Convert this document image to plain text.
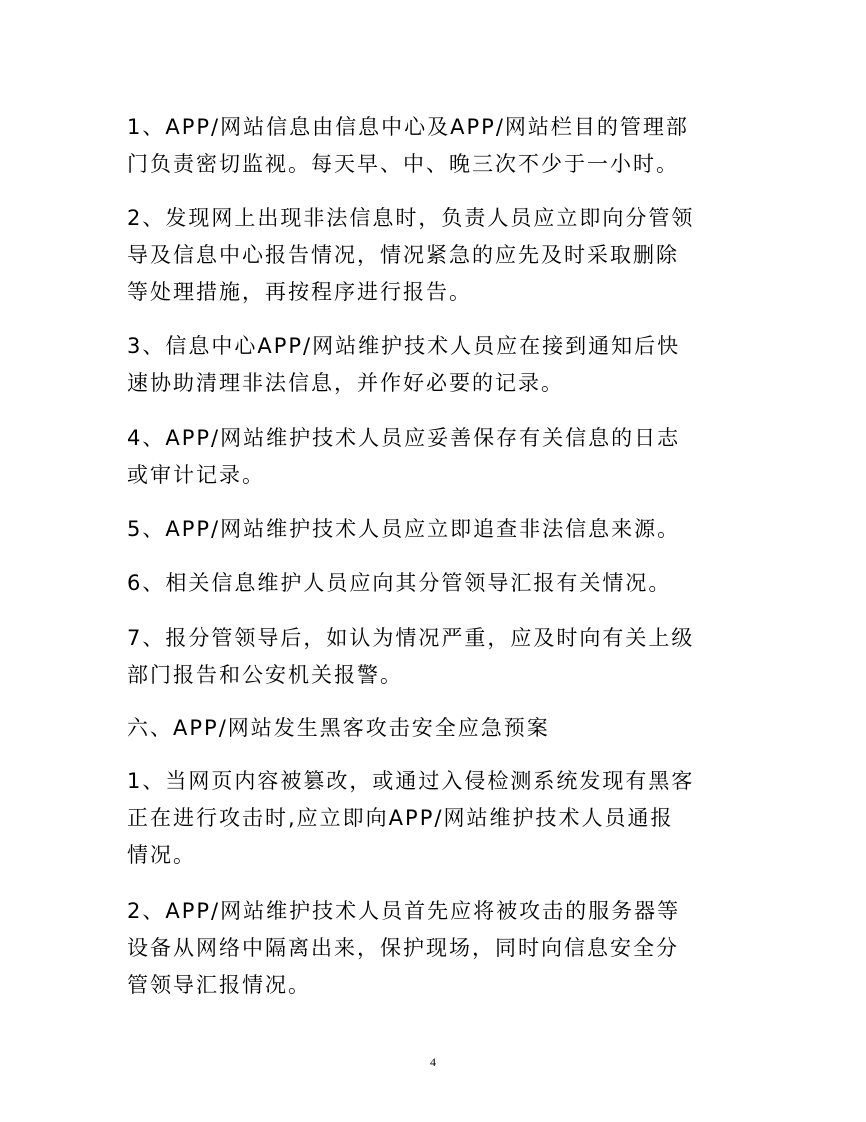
1、APP/网站信息由信息中心及APP/网站栏目的管理部
门负责密切监视。每天早、中、晚三次不少于一小时。
2、发现网上出现非法信息时，负责人员应立即向分管领
导及信息中心报告情况，情况紧急的应先及时采取删除
等处理措施，再按程序进行报告。
3、信息中心APP/网站维护技术人员应在接到通知后快
速协助清理非法信息，并作好必要的记录。
4、APP/网站维护技术人员应妥善保存有关信息的日志
或审计记录。
5、APP/网站维护技术人员应立即追查非法信息来源。
6、相关信息维护人员应向其分管领导汇报有关情况。
7、报分管领导后，如认为情况严重，应及时向有关上级
部门报告和公安机关报警。
六、APP/网站发生黑客攻击安全应急预案
1、当网页内容被篡改，或通过入侵检测系统发现有黑客
正在进行攻击时,应立即向APP/网站维护技术人员通报
情况。
2、APP/网站维护技术人员首先应将被攻击的服务器等
设备从网络中隔离出来，保护现场，同时向信息安全分
管领导汇报情况。
4
